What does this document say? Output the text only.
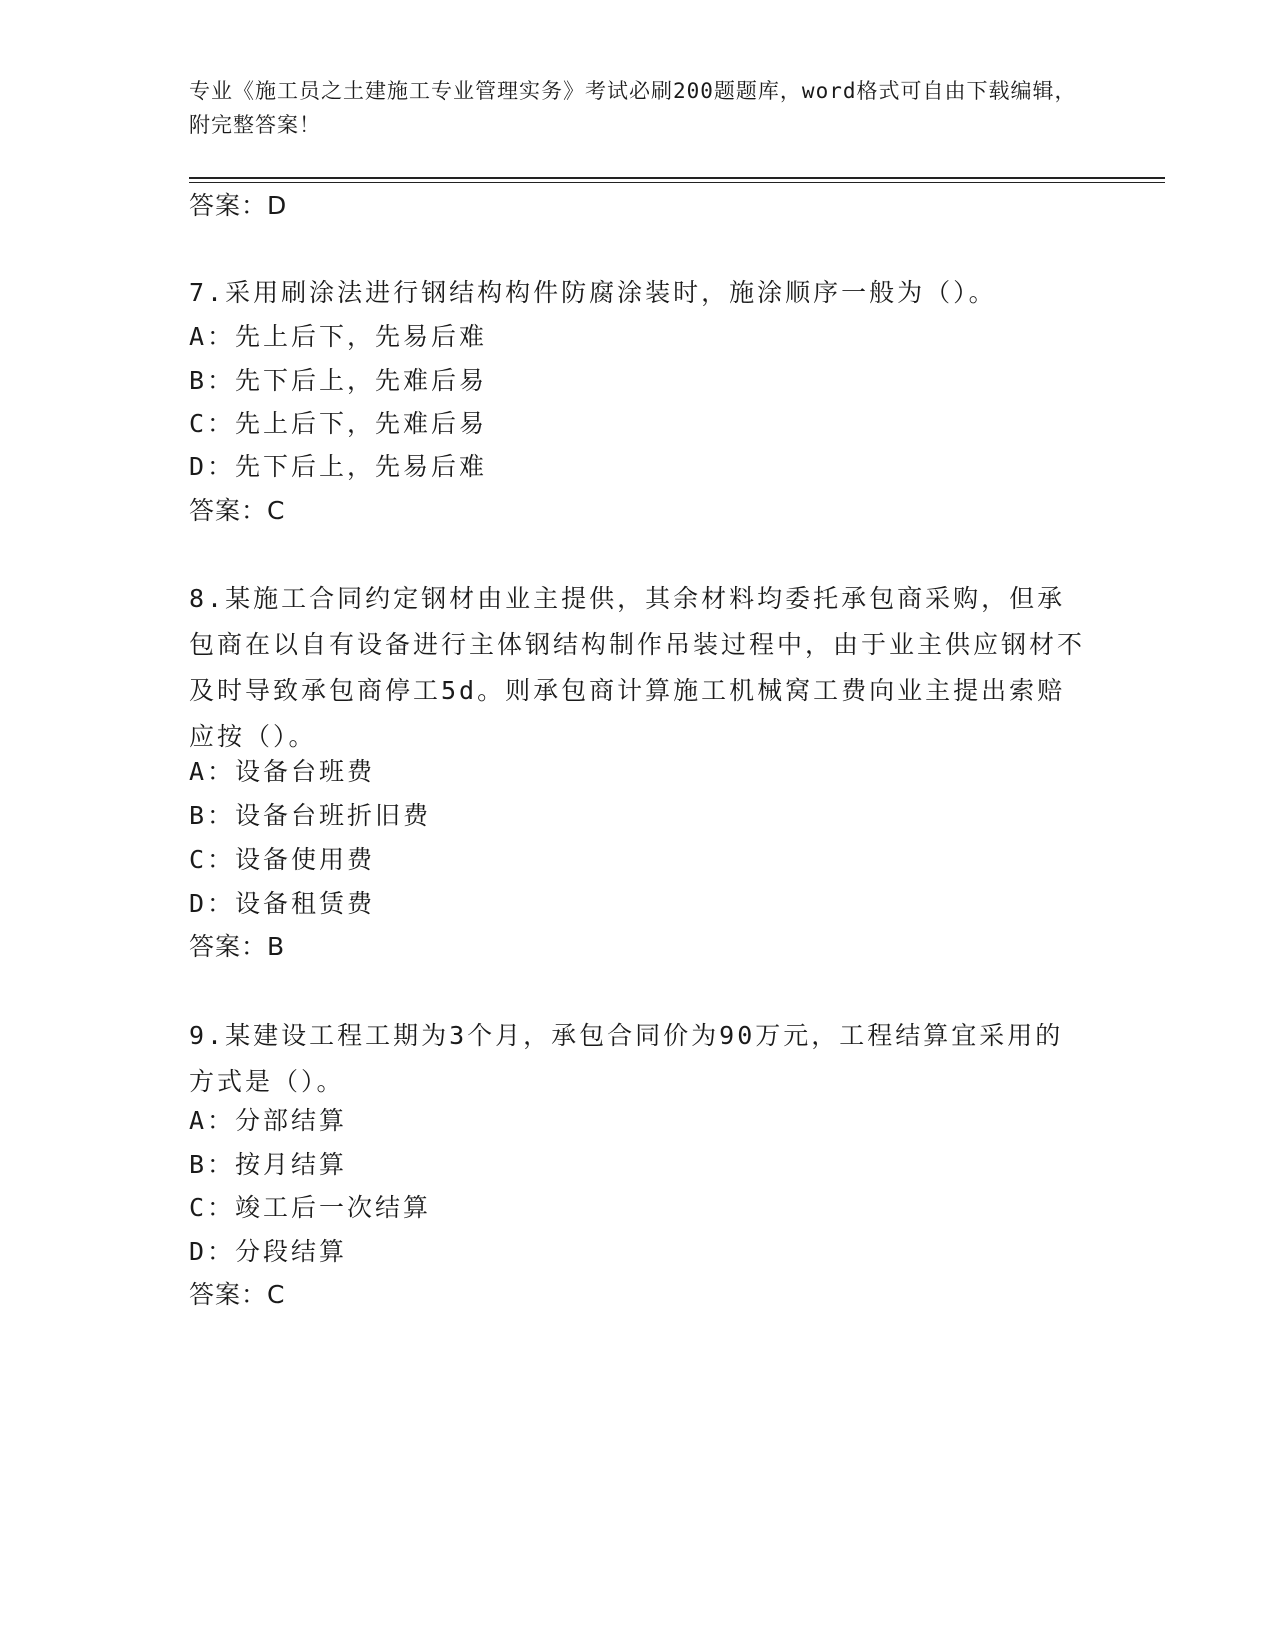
专业《施工员之土建施工专业管理实务》考试必刷200题题库，word格式可自由下载编辑，附完整答案！
答案：D
7.采用刷涂法进行钢结构构件防腐涂装时，施涂顺序一般为（）。
A：先上后下，先易后难
B：先下后上，先难后易
C：先上后下，先难后易
D：先下后上，先易后难
答案：C
8.某施工合同约定钢材由业主提供，其余材料均委托承包商采购，但承包商在以自有设备进行主体钢结构制作吊装过程中，由于业主供应钢材不及时导致承包商停工5d。则承包商计算施工机械窝工费向业主提出索赔应按（）。
A：设备台班费
B：设备台班折旧费
C：设备使用费
D：设备租赁费
答案：B
9.某建设工程工期为3个月，承包合同价为90万元，工程结算宜采用的方式是（）。
A：分部结算
B：按月结算
C：竣工后一次结算
D：分段结算
答案：C
